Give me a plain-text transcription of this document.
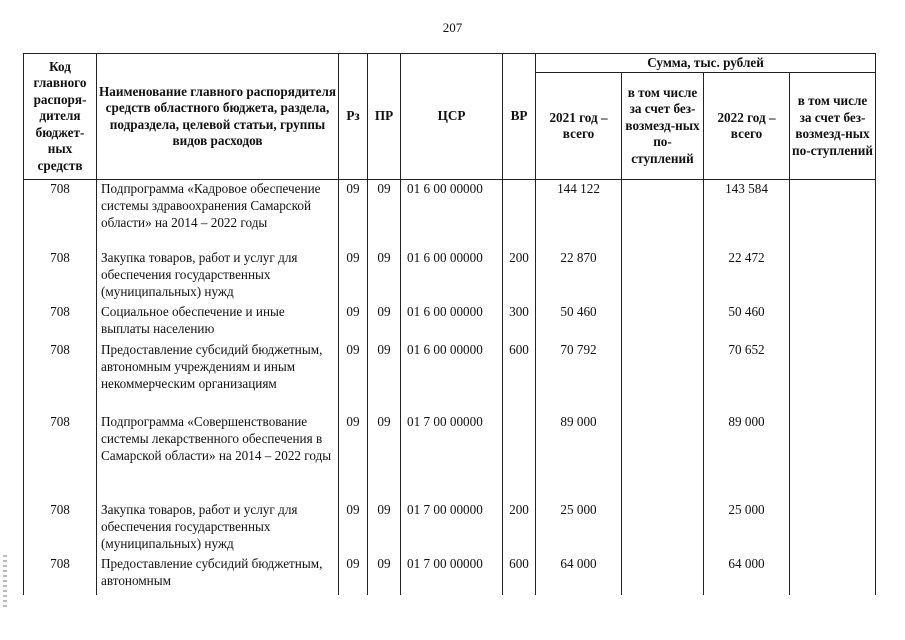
207
Код главного распоря-дителя бюджет-ных средств	Наименование главного распорядителя средств областного бюджета, раздела, подраздела, целевой статьи, группы видов расходов	Рз	ПР	ЦСР	ВР	Сумма, тыс. рублей			
						2021 год – всего	в том числе за счет без-возмезд-ных по-ступлений	2022 год – всего	в том числе за счет без-возмезд-ных по-ступлений
708	Подпрограмма «Кадровое обеспечение системы здравоохранения Самарской области» на 2014 – 2022 годы	09	09	01 6 00 00000		144 122		143 584	
708	Закупка товаров, работ и услуг для обеспечения государственных (муниципальных) нужд	09	09	01 6 00 00000	200	22 870		22 472	
708	Социальное обеспечение и иные выплаты населению	09	09	01 6 00 00000	300	50 460		50 460	
708	Предоставление субсидий бюджетным, автономным учреждениям и иным некоммерческим организациям	09	09	01 6 00 00000	600	70 792		70 652	
708	Подпрограмма «Совершенствование системы лекарственного обеспечения в Самарской области» на 2014 – 2022 годы	09	09	01 7 00 00000		89 000		89 000	
708	Закупка товаров, работ и услуг для обеспечения государственных (муниципальных) нужд	09	09	01 7 00 00000	200	25 000		25 000	
708	Предоставление субсидий бюджетным, автономным	09	09	01 7 00 00000	600	64 000		64 000	
